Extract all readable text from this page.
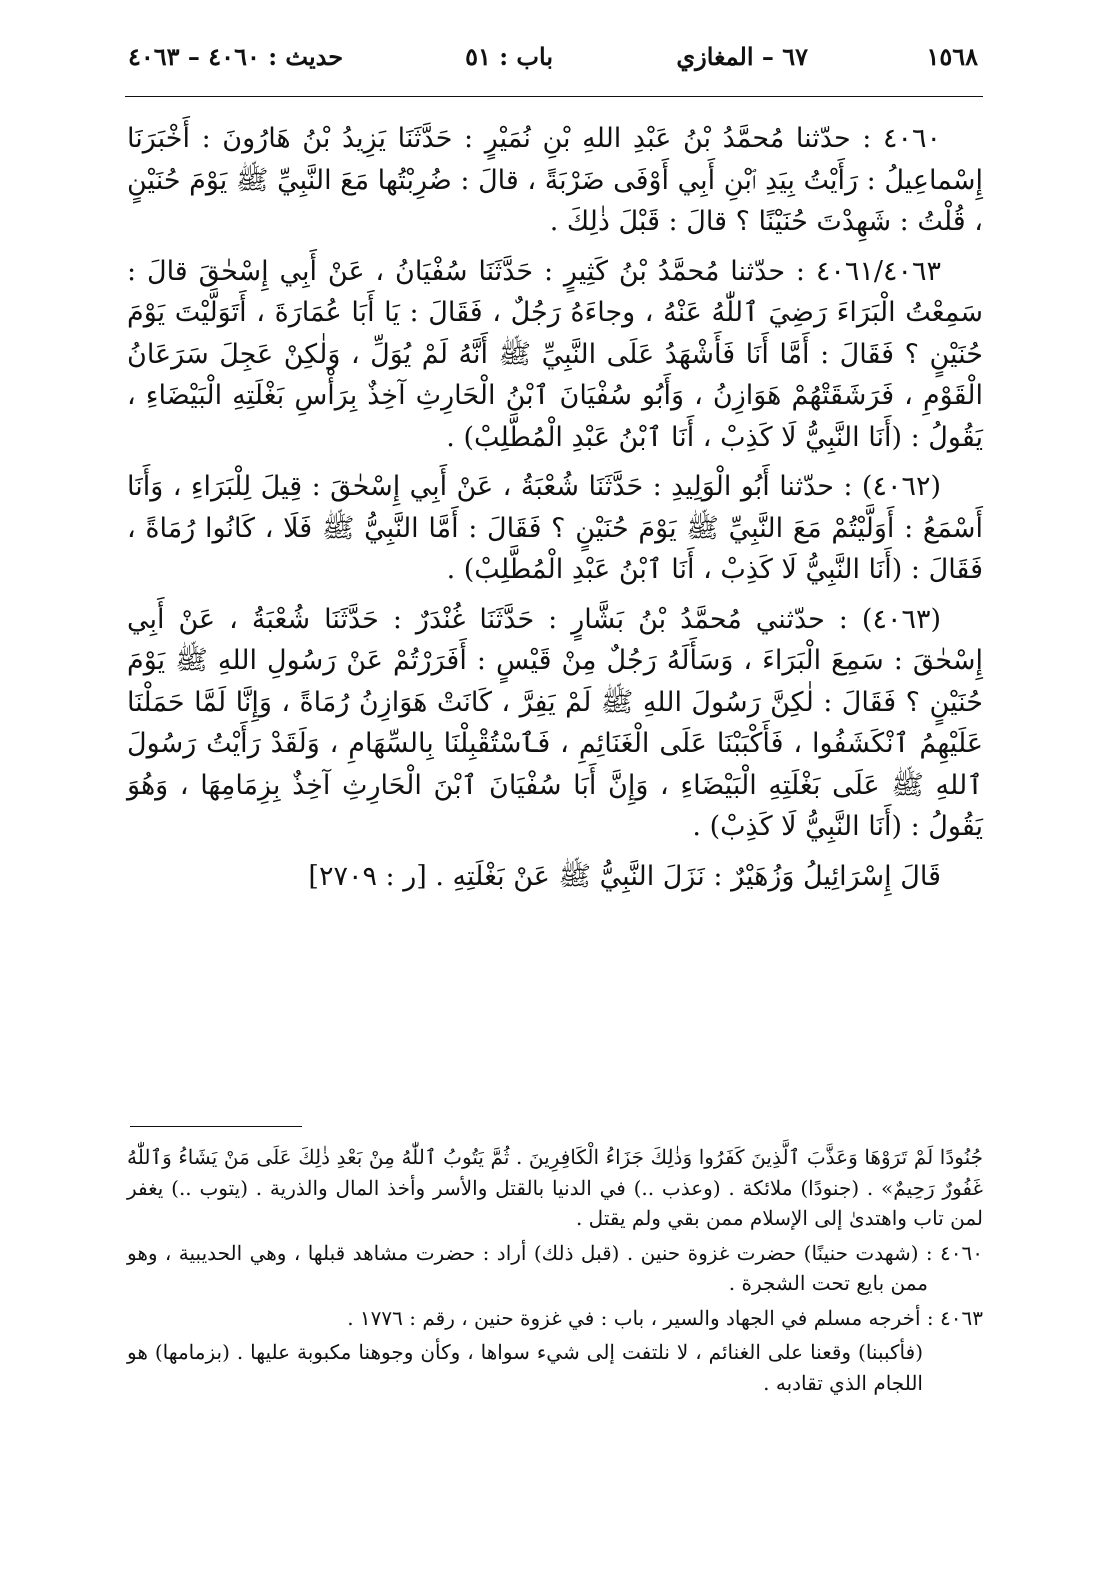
١٥٦٨
٦٧ – المغازي
باب : ٥١
حديث : ٤٠٦٠ – ٤٠٦٣

٤٠٦٠ : حدّثنا مُحمَّدُ بْنُ عَبْدِ اللهِ بْنِ نُمَيْرٍ : حَدَّثَنَا يَزِيدُ بْنُ هَارُونَ : أَخْبَرَنَا إِسْماعِيلُ : رَأَيْتُ بِيَدِ ٱبْنِ أَبِي أَوْفَى ضَرْبَةً ، قالَ : ضُرِبْتُها مَعَ النَّبِيِّ ﷺ يَوْمَ حُنَيْنٍ ، قُلْتُ : شَهِدْتَ حُنَيْنًا ؟ قالَ : قَبْلَ ذٰلِكَ .

٤٠٦١/٤٠٦٣ : حدّثنا مُحمَّدُ بْنُ كَثِيرٍ : حَدَّثَنَا سُفْيَانُ ، عَنْ أَبِي إِسْحٰقَ قالَ : سَمِعْتُ الْبَرَاءَ رَضِيَ ٱللّٰهُ عَنْهُ ، وجاءَهُ رَجُلٌ ، فَقَالَ : يَا أَبَا عُمَارَةَ ، أَتَوَلَّيْتَ يَوْمَ حُنَيْنٍ ؟ فَقَالَ : أَمَّا أَنَا فَأَشْهَدُ عَلَى النَّبِيِّ ﷺ أَنَّهُ لَمْ يُوَلِّ ، وَلٰكِنْ عَجِلَ سَرَعَانُ الْقَوْمِ ، فَرَشَقَتْهُمْ هَوَازِنُ ، وَأَبُو سُفْيَانَ ٱبْنُ الْحَارِثِ آخِذٌ بِرَأْسِ بَغْلَتِهِ الْبَيْضَاءِ ، يَقُولُ : (أَنَا النَّبِيُّ لَا كَذِبْ ، أَنَا ٱبْنُ عَبْدِ الْمُطَّلِبْ) .

(٤٠٦٢) : حدّثنا أَبُو الْوَلِيدِ : حَدَّثَنَا شُعْبَةُ ، عَنْ أَبِي إِسْحٰقَ : قِيلَ لِلْبَرَاءِ ، وَأَنَا أَسْمَعُ : أَوَلَّيْتُمْ مَعَ النَّبِيِّ ﷺ يَوْمَ حُنَيْنٍ ؟ فَقَالَ : أَمَّا النَّبِيُّ ﷺ فَلَا ، كَانُوا رُمَاةً ، فَقَالَ : (أَنَا النَّبِيُّ لَا كَذِبْ ، أَنَا ٱبْنُ عَبْدِ الْمُطَّلِبْ) .

(٤٠٦٣) : حدّثني مُحمَّدُ بْنُ بَشَّارٍ : حَدَّثَنَا غُنْدَرٌ : حَدَّثَنَا شُعْبَةُ ، عَنْ أَبِي إِسْحٰقَ : سَمِعَ الْبَرَاءَ ، وَسَأَلَهُ رَجُلٌ مِنْ قَيْسٍ : أَفَرَرْتُمْ عَنْ رَسُولِ اللهِ ﷺ يَوْمَ حُنَيْنٍ ؟ فَقَالَ : لٰكِنَّ رَسُولَ اللهِ ﷺ لَمْ يَفِرَّ ، كَانَتْ هَوَازِنُ رُمَاةً ، وَإِنَّا لَمَّا حَمَلْنَا عَلَيْهِمُ ٱنْكَشَفُوا ، فَأَكْبَبْنَا عَلَى الْغَنَائِمِ ، فَٱسْتُقْبِلْنَا بِالسِّهَامِ ، وَلَقَدْ رَأَيْتُ رَسُولَ ٱللهِ ﷺ عَلَى بَغْلَتِهِ الْبَيْضَاءِ ، وَإِنَّ أَبَا سُفْيَانَ ٱبْنَ الْحَارِثِ آخِذٌ بِزِمَامِهَا ، وَهُوَ يَقُولُ : (أَنَا النَّبِيُّ لَا كَذِبْ) .

قَالَ إِسْرَائِيلُ وَزُهَيْرٌ : نَزَلَ النَّبِيُّ ﷺ عَنْ بَغْلَتِهِ . [ر : ٢٧٠٩]

جُنُودًا لَمْ تَرَوْهَا وَعَذَّبَ ٱلَّذِينَ كَفَرُوا وَذٰلِكَ جَزَاءُ الْكَافِرِينَ . ثُمَّ يَتُوبُ ٱللّٰهُ مِنْ بَعْدِ ذٰلِكَ عَلَى مَنْ يَشَاءُ وَٱللّٰهُ غَفُورٌ رَحِيمٌ» . (جنودًا) ملائكة . (وعذب ..) في الدنيا بالقتل والأسر وأخذ المال والذرية . (يتوب ..) يغفر لمن تاب واهتدىٰ إلى الإسلام ممن بقي ولم يقتل .

٤٠٦٠ : (شهدت حنينًا) حضرت غزوة حنين . (قبل ذلك) أراد : حضرت مشاهد قبلها ، وهي الحديبية ، وهو ممن بايع تحت الشجرة .

٤٠٦٣ : أخرجه مسلم في الجهاد والسير ، باب : في غزوة حنين ، رقم : ١٧٧٦ .

(فأكببنا) وقعنا على الغنائم ، لا نلتفت إلى شيء سواها ، وكأن وجوهنا مكبوبة عليها . (بزمامها) هو اللجام الذي تقادبه .
